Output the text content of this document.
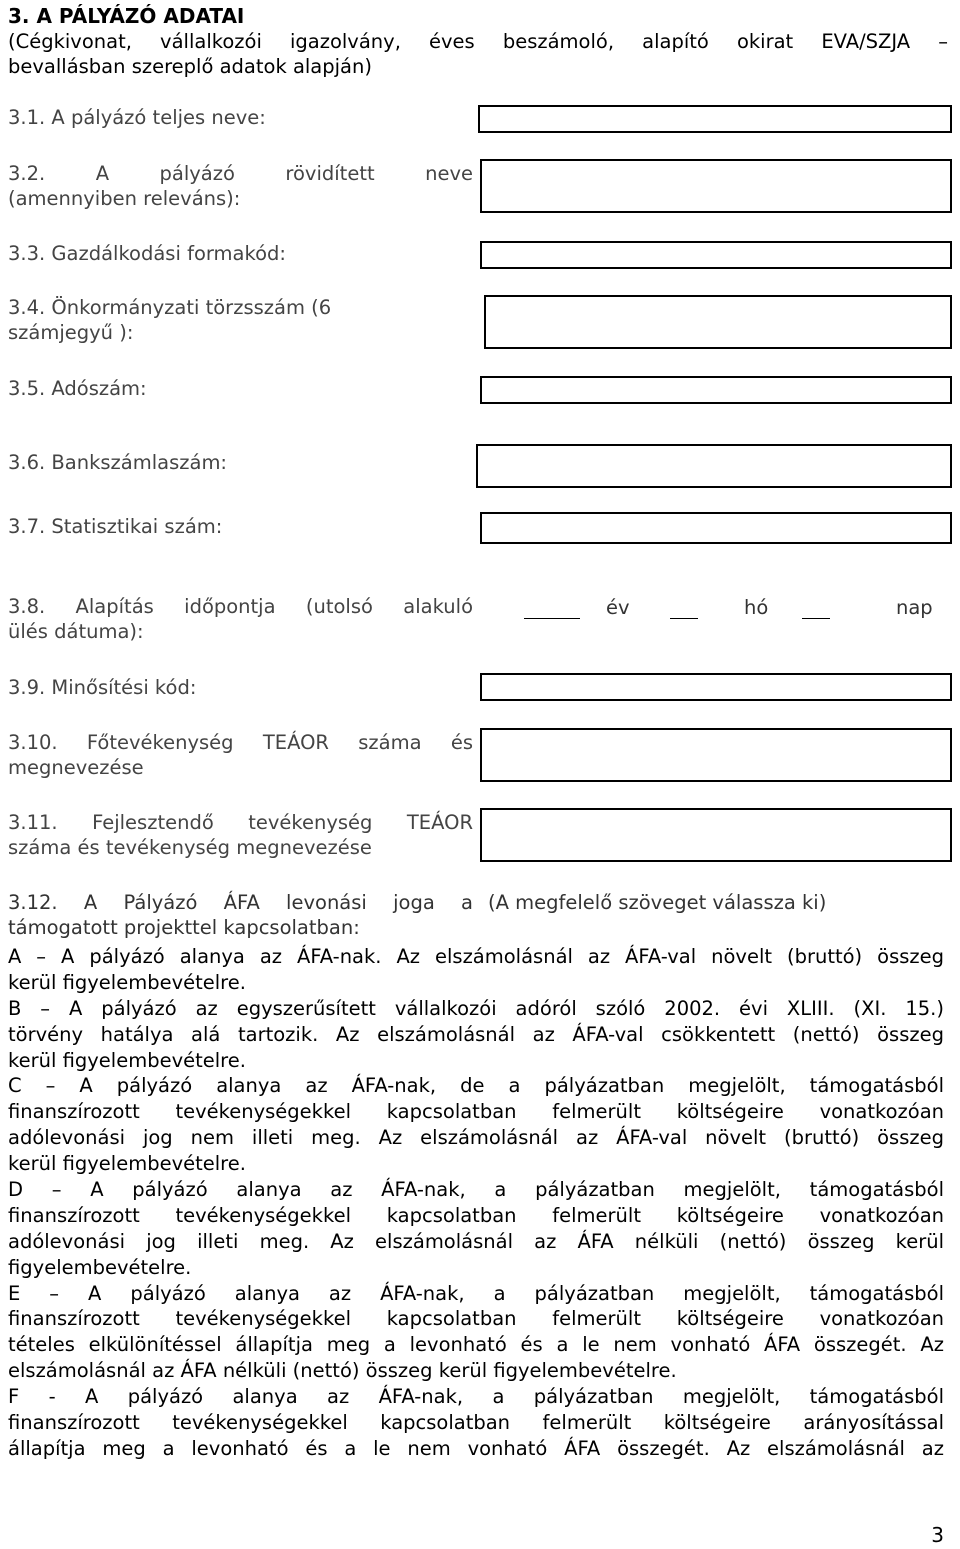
3. A PÁLYÁZÓ ADATAI
(Cégkivonat, vállalkozói igazolvány, éves beszámoló, alapító okirat EVA/SZJA –
bevallásban szereplő adatok alapján)
3.1. A pályázó teljes neve:
3.2. A pályázó rövidített neve
(amennyiben releváns):
3.3. Gazdálkodási formakód:
3.4. Önkormányzati törzsszám (6
számjegyű ):
3.5. Adószám:
3.6. Bankszámlaszám:
3.7. Statisztikai szám:
3.8. Alapítás időpontja (utolsó alakuló
ülés dátuma):
év	hó	nap
3.9. Minősítési kód:
3.10. Főtevékenység TEÁOR száma és
megnevezése
3.11. Fejlesztendő tevékenység TEÁOR
száma és tevékenység megnevezése
3.12. A Pályázó ÁFA levonási joga a
támogatott projekttel kapcsolatban:
(A megfelelő szöveget válassza ki)
A – A pályázó alanya az ÁFA-nak. Az elszámolásnál az ÁFA-val növelt (bruttó) összeg
kerül figyelembevételre.
B – A pályázó az egyszerűsített vállalkozói adóról szóló 2002. évi XLIII. (XI. 15.)
törvény hatálya alá tartozik. Az elszámolásnál az ÁFA-val csökkentett (nettó) összeg
kerül figyelembevételre.
C – A pályázó alanya az ÁFA-nak, de a pályázatban megjelölt, támogatásból
finanszírozott tevékenységekkel kapcsolatban felmerült költségeire vonatkozóan
adólevonási jog nem illeti meg. Az elszámolásnál az ÁFA-val növelt (bruttó) összeg
kerül figyelembevételre.
D – A pályázó alanya az ÁFA-nak, a pályázatban megjelölt, támogatásból
finanszírozott tevékenységekkel kapcsolatban felmerült költségeire vonatkozóan
adólevonási jog illeti meg. Az elszámolásnál az ÁFA nélküli (nettó) összeg kerül
figyelembevételre.
E – A pályázó alanya az ÁFA-nak, a pályázatban megjelölt, támogatásból
finanszírozott tevékenységekkel kapcsolatban felmerült költségeire vonatkozóan
tételes elkülönítéssel állapítja meg a levonható és a le nem vonható ÁFA összegét. Az
elszámolásnál az ÁFA nélküli (nettó) összeg kerül figyelembevételre.
F - A pályázó alanya az ÁFA-nak, a pályázatban megjelölt, támogatásból
finanszírozott tevékenységekkel kapcsolatban felmerült költségeire arányosítással
állapítja meg a levonható és a le nem vonható ÁFA összegét. Az elszámolásnál az
3
